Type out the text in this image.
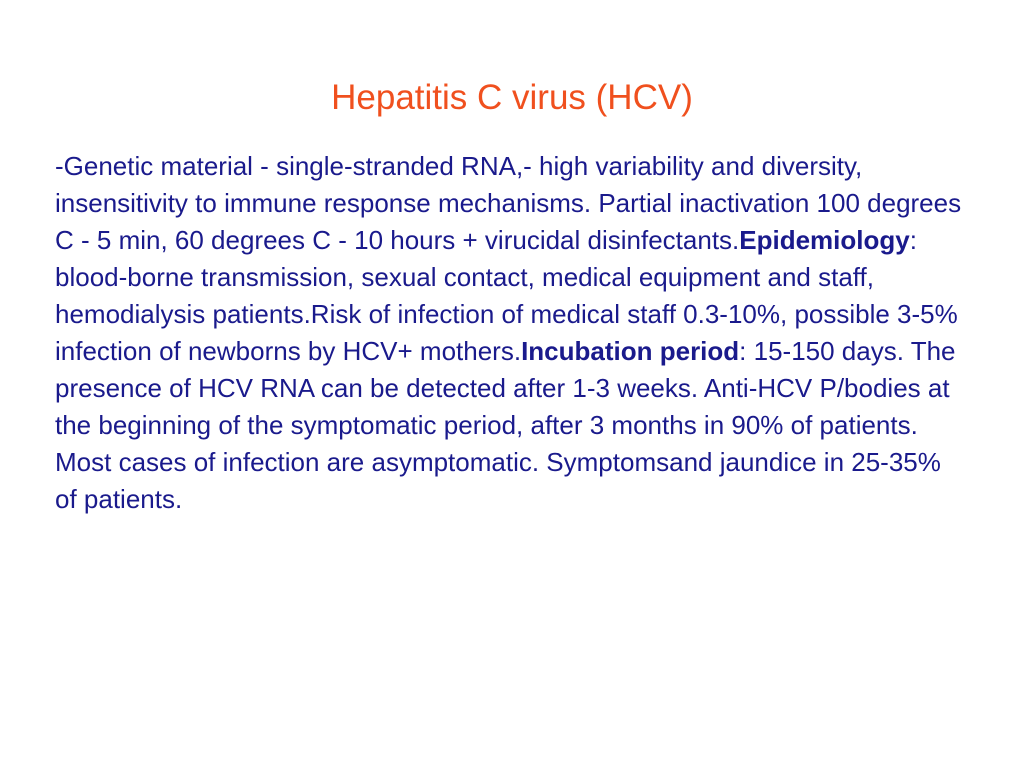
Hepatitis C virus (HCV)

-Genetic material - single-stranded RNA,- high variability and diversity, insensitivity to immune response mechanisms. Partial inactivation 100 degrees C - 5 min, 60 degrees C - 10 hours + virucidal disinfectants.Epidemiology: blood-borne transmission, sexual contact, medical equipment and staff, hemodialysis patients.Risk of infection of medical staff 0.3-10%, possible 3-5% infection of newborns by HCV+ mothers.Incubation period: 15-150 days. The presence of HCV RNA can be detected after 1-3 weeks. Anti-HCV P/bodies at the beginning of the symptomatic period, after 3 months in 90% of patients. Most cases of infection are asymptomatic. Symptomsand jaundice in 25-35% of patients.
